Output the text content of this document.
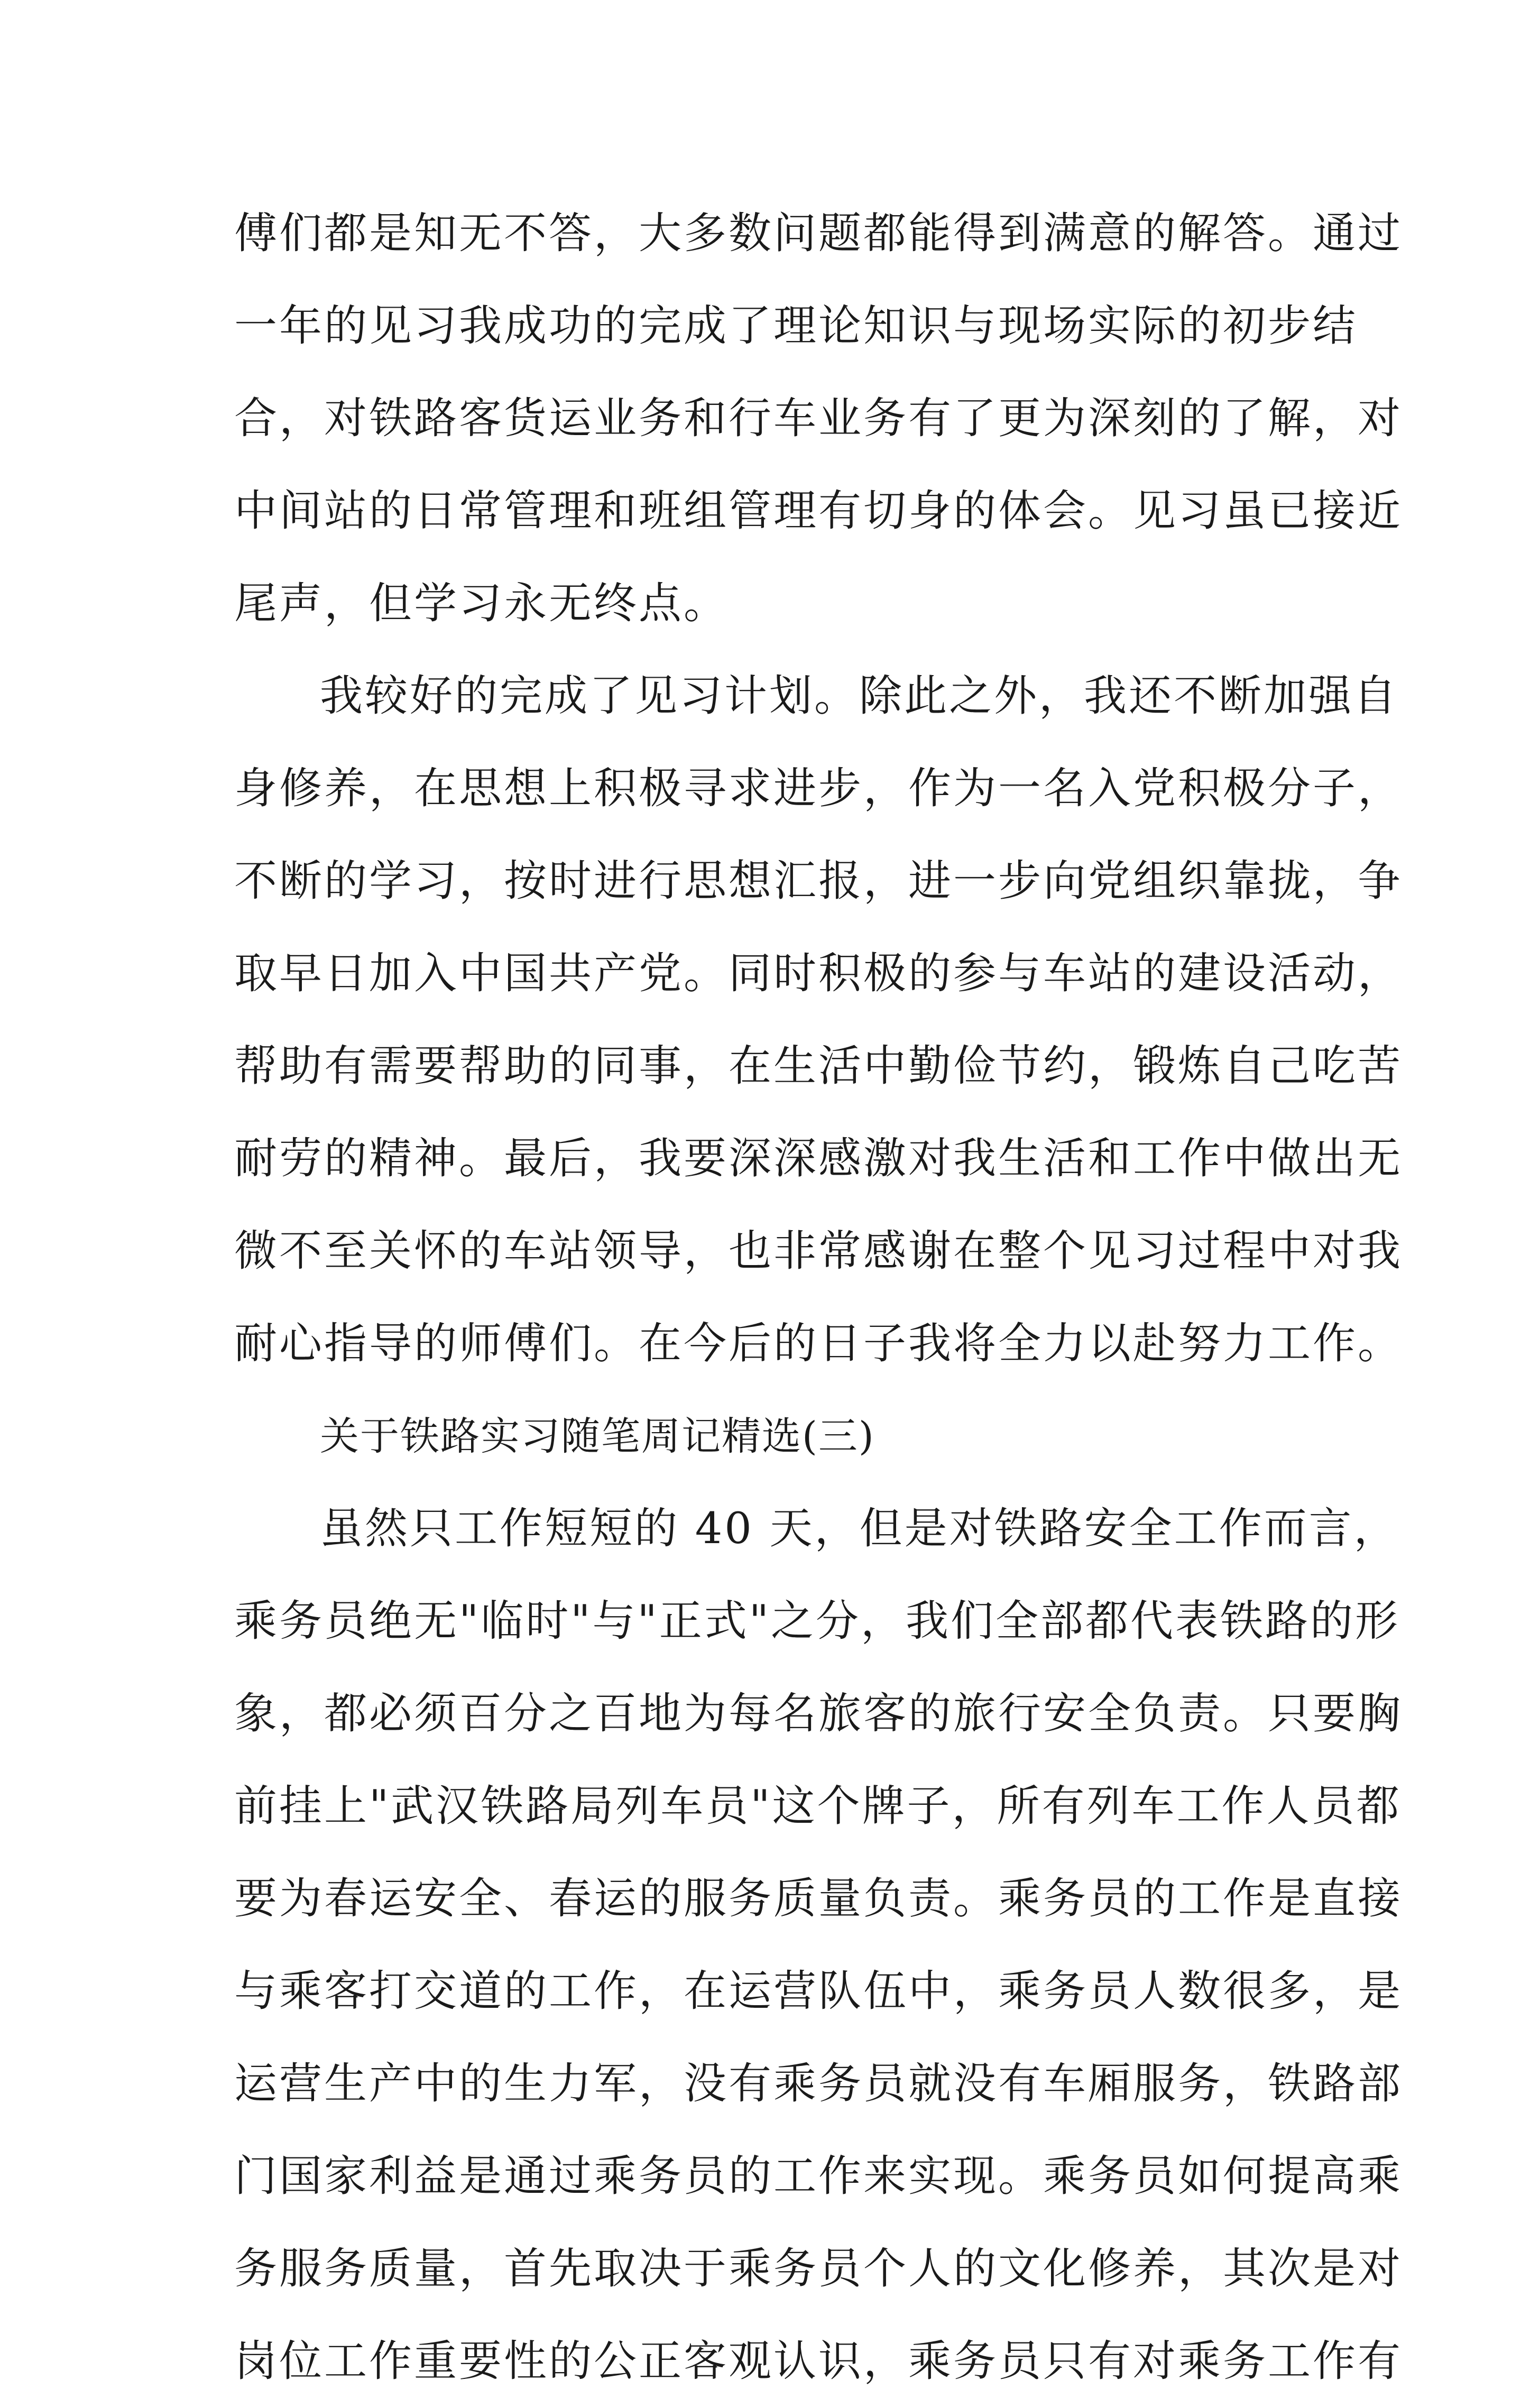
傅们都是知无不答，大多数问题都能得到满意的解答。通过
一年的见习我成功的完成了理论知识与现场实际的初步结
合，对铁路客货运业务和行车业务有了更为深刻的了解，对
中间站的日常管理和班组管理有切身的体会。见习虽已接近
尾声，但学习永无终点。
我较好的完成了见习计划。除此之外，我还不断加强自
身修养，在思想上积极寻求进步，作为一名入党积极分子，
不断的学习，按时进行思想汇报，进一步向党组织靠拢，争
取早日加入中国共产党。同时积极的参与车站的建设活动，
帮助有需要帮助的同事，在生活中勤俭节约，锻炼自己吃苦
耐劳的精神。最后，我要深深感激对我生活和工作中做出无
微不至关怀的车站领导，也非常感谢在整个见习过程中对我
耐心指导的师傅们。在今后的日子我将全力以赴努力工作。
关于铁路实习随笔周记精选(三)
虽然只工作短短的 40 天，但是对铁路安全工作而言，
乘务员绝无"临时"与"正式"之分，我们全部都代表铁路的形
象，都必须百分之百地为每名旅客的旅行安全负责。只要胸
前挂上"武汉铁路局列车员"这个牌子，所有列车工作人员都
要为春运安全、春运的服务质量负责。乘务员的工作是直接
与乘客打交道的工作，在运营队伍中，乘务员人数很多，是
运营生产中的生力军，没有乘务员就没有车厢服务，铁路部
门国家利益是通过乘务员的工作来实现。乘务员如何提高乘
务服务质量，首先取决于乘务员个人的文化修养，其次是对
岗位工作重要性的公正客观认识，乘务员只有对乘务工作有
